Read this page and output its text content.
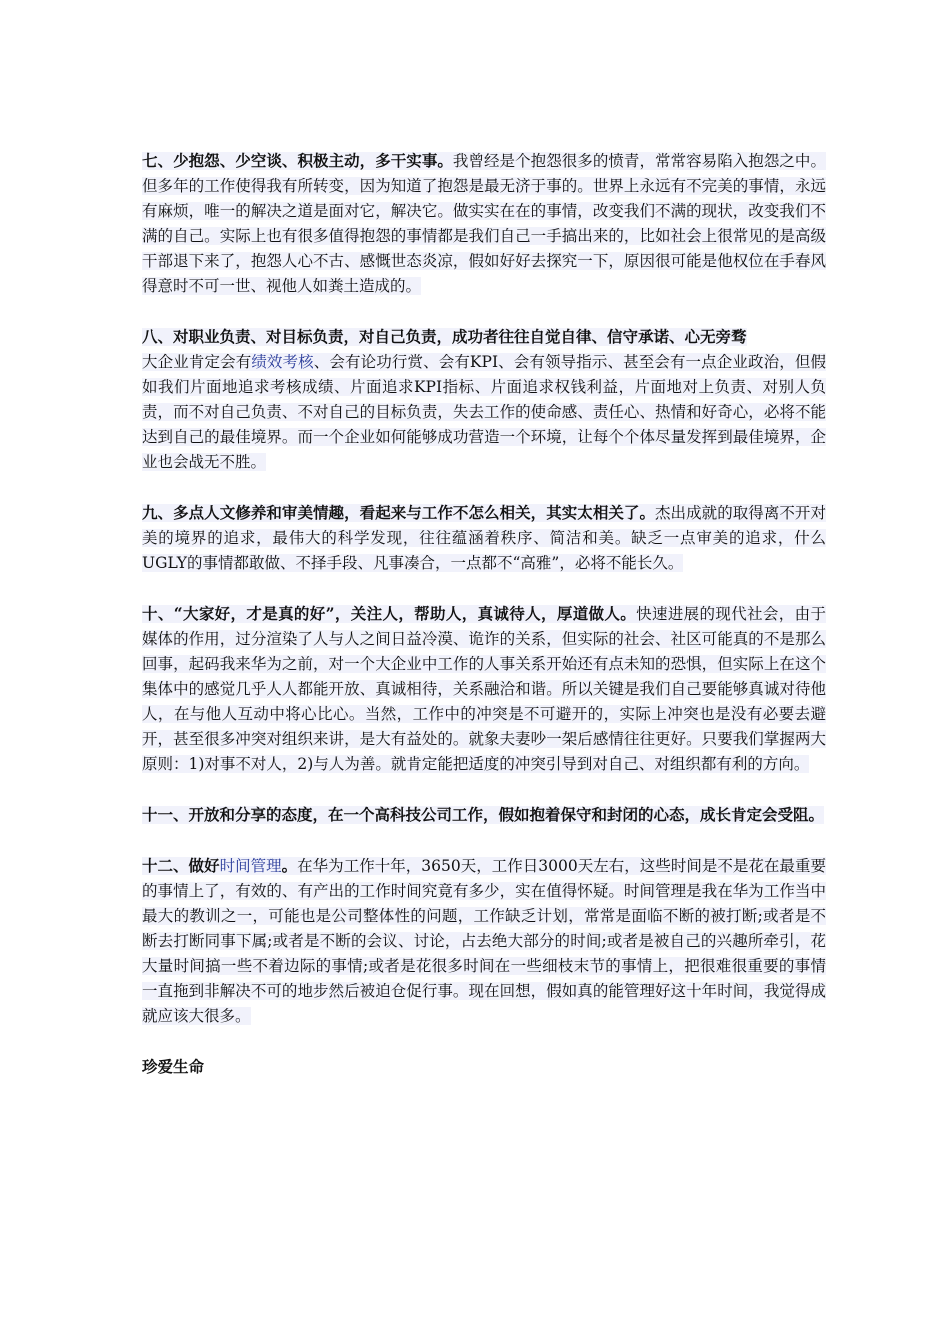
七、少抱怨、少空谈、积极主动，多干实事。我曾经是个抱怨很多的愤青，常常容易陷入抱怨之中。但多年的工作使得我有所转变，因为知道了抱怨是最无济于事的。世界上永远有不完美的事情，永远有麻烦，唯一的解决之道是面对它，解决它。做实实在在的事情，改变我们不满的现状，改变我们不满的自己。实际上也有很多值得抱怨的事情都是我们自己一手搞出来的，比如社会上很常见的是高级干部退下来了，抱怨人心不古、感慨世态炎凉，假如好好去探究一下，原因很可能是他权位在手春风得意时不可一世、视他人如粪土造成的。

八、对职业负责、对目标负责，对自己负责，成功者往往自觉自律、信守承诺、心无旁骛
大企业肯定会有绩效考核、会有论功行赏、会有KPI、会有领导指示、甚至会有一点企业政治，但假如我们片面地追求考核成绩、片面追求KPI指标、片面追求权钱利益，片面地对上负责、对别人负责，而不对自己负责、不对自己的目标负责，失去工作的使命感、责任心、热情和好奇心，必将不能达到自己的最佳境界。而一个企业如何能够成功营造一个环境，让每个个体尽量发挥到最佳境界，企业也会战无不胜。

九、多点人文修养和审美情趣，看起来与工作不怎么相关，其实太相关了。杰出成就的取得离不开对美的境界的追求，最伟大的科学发现，往往蕴涵着秩序、简洁和美。缺乏一点审美的追求，什么UGLY的事情都敢做、不择手段、凡事凑合，一点都不“高雅”，必将不能长久。

十、“大家好，才是真的好”，关注人，帮助人，真诚待人，厚道做人。快速进展的现代社会，由于媒体的作用，过分渲染了人与人之间日益冷漠、诡诈的关系，但实际的社会、社区可能真的不是那么回事，起码我来华为之前，对一个大企业中工作的人事关系开始还有点未知的恐惧，但实际上在这个集体中的感觉几乎人人都能开放、真诚相待，关系融洽和谐。所以关键是我们自己要能够真诚对待他人，在与他人互动中将心比心。当然，工作中的冲突是不可避开的，实际上冲突也是没有必要去避开，甚至很多冲突对组织来讲，是大有益处的。就象夫妻吵一架后感情往往更好。只要我们掌握两大原则：1)对事不对人，2)与人为善。就肯定能把适度的冲突引导到对自己、对组织都有利的方向。

十一、开放和分享的态度，在一个高科技公司工作，假如抱着保守和封闭的心态，成长肯定会受阻。

十二、做好时间管理。在华为工作十年，3650天，工作日3000天左右，这些时间是不是花在最重要的事情上了，有效的、有产出的工作时间究竟有多少，实在值得怀疑。时间管理是我在华为工作当中最大的教训之一，可能也是公司整体性的问题，工作缺乏计划，常常是面临不断的被打断;或者是不断去打断同事下属;或者是不断的会议、讨论，占去绝大部分的时间;或者是被自己的兴趣所牵引，花大量时间搞一些不着边际的事情;或者是花很多时间在一些细枝末节的事情上，把很难很重要的事情一直拖到非解决不可的地步然后被迫仓促行事。现在回想，假如真的能管理好这十年时间，我觉得成就应该大很多。

珍爱生命
